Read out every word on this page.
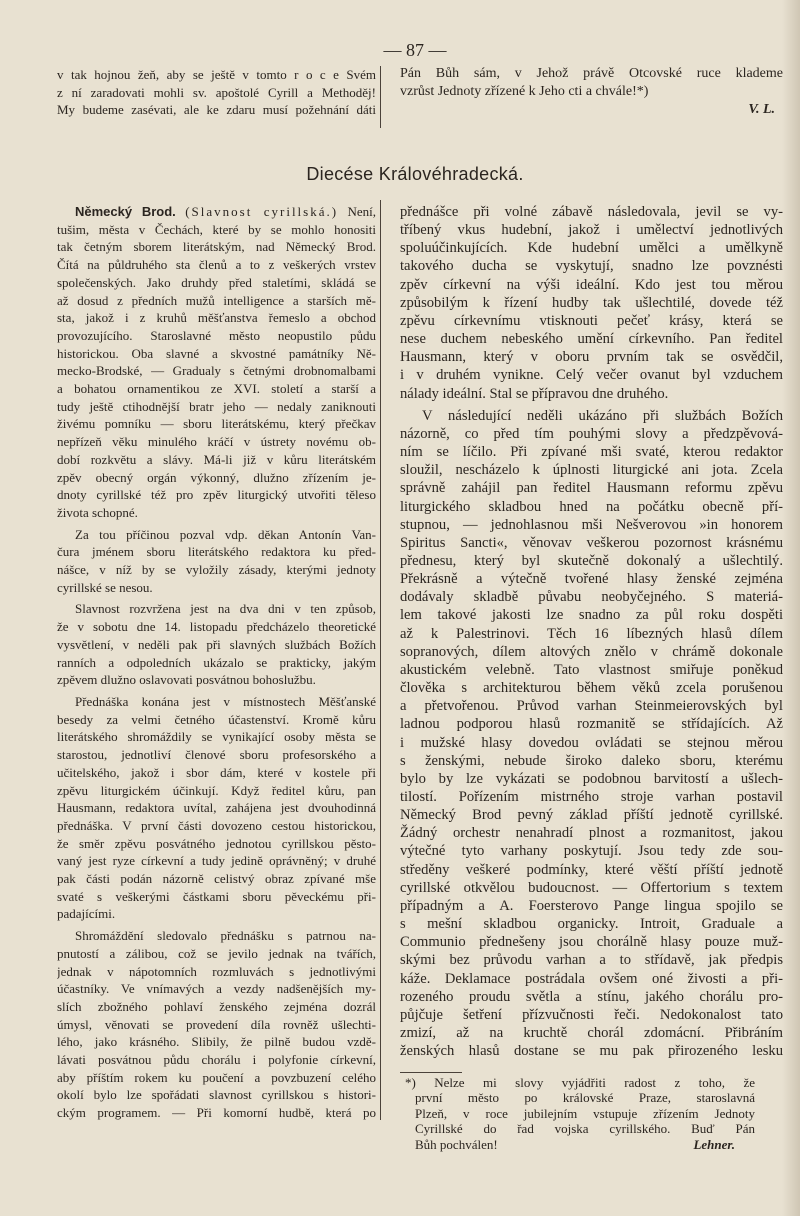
— 87 —
v tak hojnou žeň, aby se ještě v tomto r o c e Svém
z ní zaradovati mohli sv. apoštolé Cyrill a Methoděj!
My budeme zasévati, ale ke zdaru musí požehnání dáti
Pán Bůh sám, v Jehož právě Otcovské ruce klademe
vzrůst Jednoty zřízené k Jeho cti a chvále!*)
V. L.
Diecése Královéhradecká.
Německý Brod. (Slavnost cyrillská.) Není,
tušim, města v Čechách, které by se mohlo honositi
tak četným sborem literátským, nad Německý Brod.
Čítá na půldruhého sta členů a to z veškerých vrstev
společenských. Jako druhdy před staletími, skládá se
až dosud z předních mužů intelligence a starších mě-
sta, jakož i z kruhů měšťanstva řemeslo a obchod
provozujícího. Staroslavné město neopustilo půdu
historickou. Oba slavné a skvostné památníky Ně-
mecko-Brodské, — Gradualy s četnými drobnomalbami
a bohatou ornamentikou ze XVI. století a starší a
tudy ještě ctihodnější bratr jeho — nedaly zaniknouti
živému pomníku — sboru literátskému, který přečkav
nepřízeň věku minulého kráčí v ústrety novému ob-
dobí rozkvětu a slávy. Má-li již v kůru literátském
zpěv obecný orgán výkonný, dlužno zřízením je-
dnoty cyrillské též pro zpěv liturgický utvořiti těleso
života schopné.
Za tou příčinou pozval vdp. děkan Antonín Van-
čura jménem sboru literátského redaktora ku před-
nášce, v níž by se vyložily zásady, kterými jednoty
cyrillské se nesou.
Slavnost rozvržena jest na dva dni v ten způsob,
že v sobotu dne 14. listopadu předcházelo theoretické
vysvětlení, v neděli pak při slavných službách Božích
ranních a odpoledních ukázalo se prakticky, jakým
zpěvem dlužno oslavovati posvátnou bohoslužbu.
Přednáška konána jest v místnostech Měšťanské
besedy za velmi četného účastenství. Kromě kůru
literátského shromáždily se vynikající osoby města se
starostou, jednotliví členové sboru profesorského a
učitelského, jakož i sbor dám, které v kostele při
zpěvu liturgickém účinkují. Když ředitel kůru, pan
Hausmann, redaktora uvítal, zahájena jest dvouhodinná
přednáška. V první části dovozeno cestou historickou,
že směr zpěvu posvátného jednotou cyrillskou pěsto-
vaný jest ryze církevní a tudy jedině oprávněný; v druhé
pak části podán názorně celistvý obraz zpívané mše
svaté s veškerými částkami sboru pěveckému při-
padajícími.
Shromáždění sledovalo přednášku s patrnou na-
pnutostí a zálibou, což se jevilo jednak na tvářích,
jednak v nápotomních rozmluvách s jednotlivými
účastníky. Ve vnímavých a vezdy nadšenějších my-
slích zbožného pohlaví ženského zejména dozrál
úmysl, věnovati se provedení díla rovněž ušlechti-
lého, jako krásného. Slibily, že pilně budou vzdě-
lávati posvátnou půdu chorálu i polyfonie církevní,
aby příštím rokem ku poučení a povzbuzení celého
okolí bylo lze spořádati slavnost cyrillskou s histori-
ckým programem. — Při komorní hudbě, která po
přednášce při volné zábavě následovala, jevil se vy-
tříbený vkus hudební, jakož i umělectví jednotlivých
spoluúčinkujících. Kde hudební umělci a umělkyně
takového ducha se vyskytují, snadno lze povznésti
zpěv církevní na výši ideální. Kdo jest tou měrou
způsobilým k řízení hudby tak ušlechtilé, dovede též
zpěvu církevnímu vtisknouti pečeť krásy, která se
nese duchem nebeského umění církevního. Pan ředitel
Hausmann, který v oboru prvním tak se osvědčil,
i v druhém vynikne. Celý večer ovanut byl vzduchem
nálady ideální. Stal se přípravou dne druhého.
V následující neděli ukázáno při službách Božích
názorně, co před tím pouhými slovy a předzpěvová-
ním se líčilo. Při zpívané mši svaté, kterou redaktor
sloužil, nescházelo k úplnosti liturgické ani jota. Zcela
správně zahájil pan ředitel Hausmann reformu zpěvu
liturgického skladbou hned na počátku obecně pří-
stupnou, — jednohlasnou mši Nešverovou »in honorem
Spiritus Sancti«, věnovav veškerou pozornost krásnému
přednesu, který byl skutečně dokonalý a ušlechtilý.
Překrásně a výtečně tvořené hlasy ženské zejména
dodávaly skladbě půvabu neobyčejného. S materiá-
lem takové jakosti lze snadno za půl roku dospěti
až k Palestrinovi. Těch 16 líbezných hlasů dílem
sopranových, dílem altových znělo v chrámě dokonale
akustickém velebně. Tato vlastnost smiřuje poněkud
člověka s architekturou během věků zcela porušenou
a přetvořenou. Průvod varhan Steinmeierovských byl
ladnou podporou hlasů rozmanitě se střídajících. Až
i mužské hlasy dovedou ovládati se stejnou měrou
s ženskými, nebude široko daleko sboru, kterému
bylo by lze vykázati se podobnou barvitostí a ušlech-
tilostí. Pořízením mistrného stroje varhan postavil
Německý Brod pevný základ příští jednotě cyrillské.
Žádný orchestr nenahradí plnost a rozmanitost, jakou
výtečné tyto varhany poskytují. Jsou tedy zde sou-
středěny veškeré podmínky, které věští příští jednotě
cyrillské otkvělou budoucnost. — Offertorium s textem
případným a A. Foersterovo Pange lingua spojilo se
s mešní skladbou organicky. Introit, Graduale a
Communio přednešeny jsou chorálně hlasy pouze muž-
skými bez průvodu varhan a to střídavě, jak předpis
káže. Deklamace postrádala ovšem oné živosti a při-
rozeného proudu světla a stínu, jakého chorálu pro-
půjčuje šetření přízvučnosti řeči. Nedokonalost tato
zmizí, až na kruchtě chorál zdomácní. Přibráním
ženských hlasů dostane se mu pak přirozeného lesku
*) Nelze mi slovy vyjádřiti radost z toho, že
první město po královské Praze, staroslavná
Plzeň, v roce jubilejním vstupuje zřízením Jednoty
Cyrillské do řad vojska cyrillského. Buď Pán
Bůh pochválen!	Lehner.
